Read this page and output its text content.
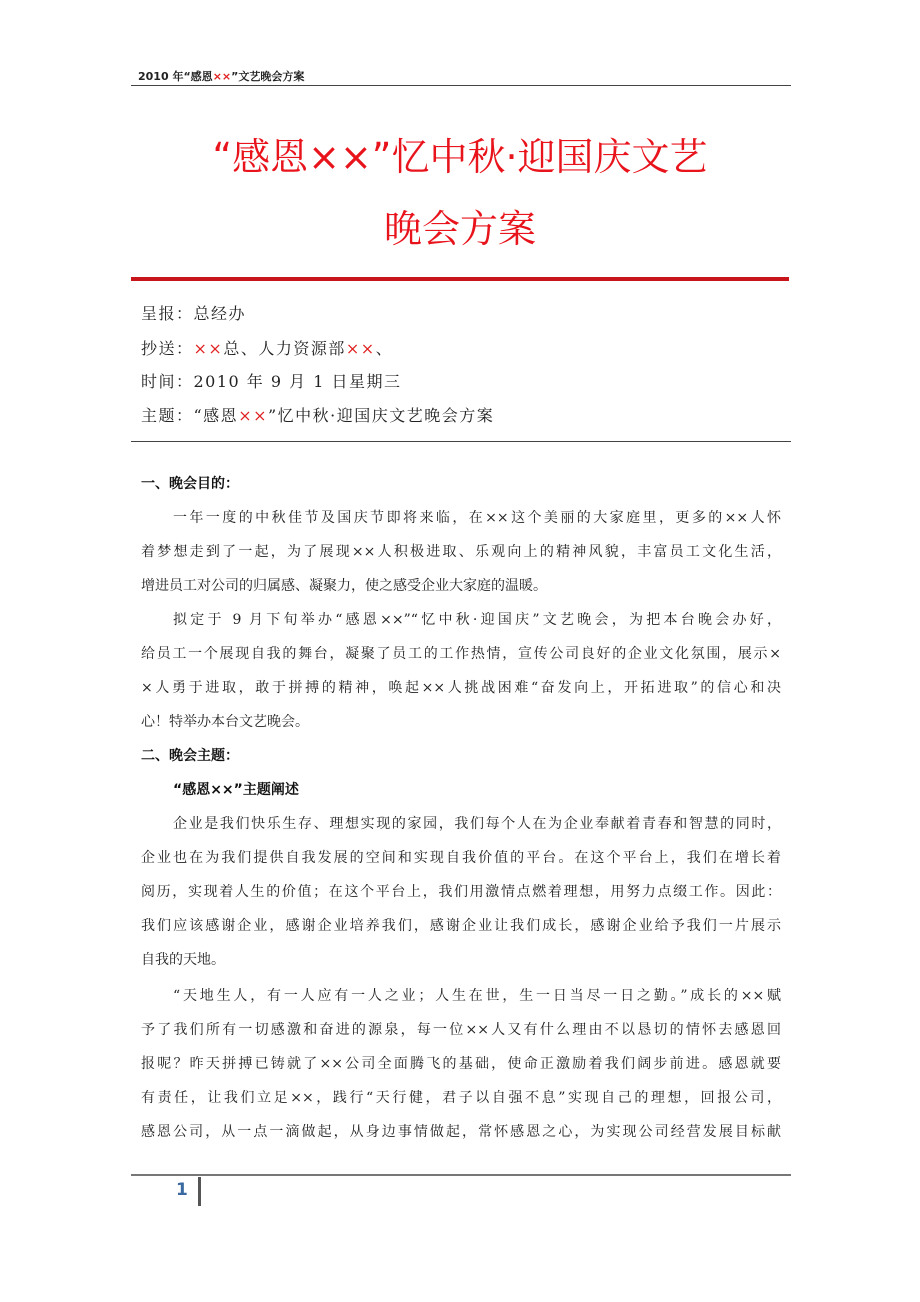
2010 年“感恩××”文艺晚会方案
“感恩××”忆中秋·迎国庆文艺
晚会方案
呈报：总经办
抄送：××总、人力资源部××、
时间：2010 年 9 月 1 日星期三
主题：“感恩××”忆中秋·迎国庆文艺晚会方案
一、晚会目的：
一年一度的中秋佳节及国庆节即将来临，在××这个美丽的大家庭里，更多的××人怀
着梦想走到了一起，为了展现××人积极进取、乐观向上的精神风貌，丰富员工文化生活，
增进员工对公司的归属感、凝聚力，使之感受企业大家庭的温暖。
拟定于 9 月下旬举办“感恩××”“忆中秋·迎国庆”文艺晚会，为把本台晚会办好，
给员工一个展现自我的舞台，凝聚了员工的工作热情，宣传公司良好的企业文化氛围，展示×
×人勇于进取，敢于拼搏的精神，唤起××人挑战困难“奋发向上，开拓进取”的信心和决
心！特举办本台文艺晚会。
二、晚会主题：
“感恩××”主题阐述
企业是我们快乐生存、理想实现的家园，我们每个人在为企业奉献着青春和智慧的同时，
企业也在为我们提供自我发展的空间和实现自我价值的平台。在这个平台上，我们在增长着
阅历，实现着人生的价值；在这个平台上，我们用激情点燃着理想，用努力点缀工作。因此：
我们应该感谢企业，感谢企业培养我们，感谢企业让我们成长，感谢企业给予我们一片展示
自我的天地。
“天地生人，有一人应有一人之业；人生在世，生一日当尽一日之勤。”成长的××赋
予了我们所有一切感激和奋进的源泉，每一位××人又有什么理由不以恳切的情怀去感恩回
报呢？昨天拼搏已铸就了××公司全面腾飞的基础，使命正激励着我们阔步前进。感恩就要
有责任，让我们立足××，践行“天行健，君子以自强不息”实现自己的理想，回报公司，
感恩公司，从一点一滴做起，从身边事情做起，常怀感恩之心，为实现公司经营发展目标献
1
